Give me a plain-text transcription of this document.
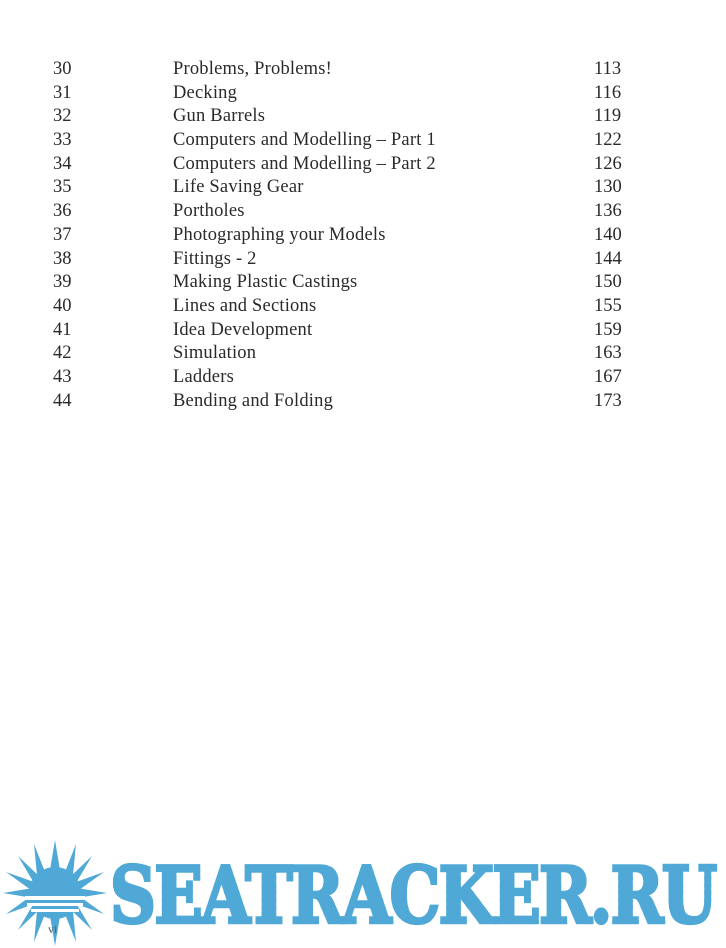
30	Problems, Problems!	113
31	Decking	116
32	Gun Barrels	119
33	Computers and Modelling – Part 1	122
34	Computers and Modelling – Part 2	126
35	Life Saving Gear	130
36	Portholes	136
37	Photographing your Models	140
38	Fittings - 2	144
39	Making Plastic Castings	150
40	Lines and Sections	155
41	Idea Development	159
42	Simulation	163
43	Ladders	167
44	Bending and Folding	173
SEATRACKER.RU
vi
